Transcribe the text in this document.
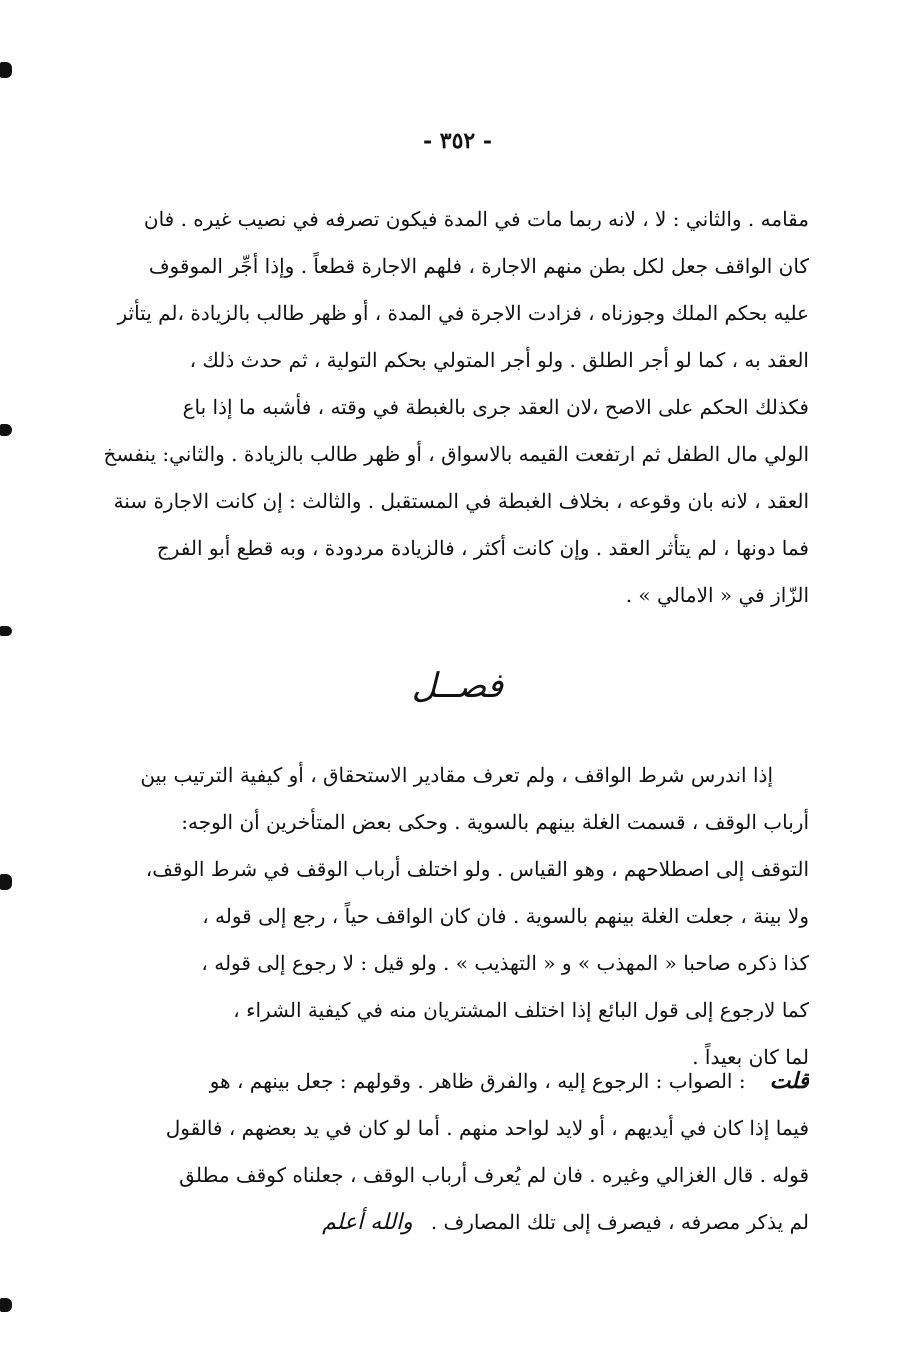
- ٣٥٢ -
مقامه . والثاني : لا ، لانه ربما مات في المدة فيكون تصرفه في نصيب غيره . فان
كان الواقف جعل لكل بطن منهم الاجارة ، فلهم الاجارة قطعاً . وإذا أجِّر الموقوف
عليه بحكم الملك وجوزناه ، فزادت الاجرة في المدة ، أو ظهر طالب بالزيادة ،لم يتأثر
العقد به ، كما لو أجر الطلق . ولو أجر المتولي بحكم التولية ، ثم حدث ذلك ،
فكذلك الحكم على الاصح ،لان العقد جرى بالغبطة في وقته ، فأشبه ما إذا باع
الولي مال الطفل ثم ارتفعت القيمه بالاسواق ، أو ظهر طالب بالزيادة . والثاني: ينفسخ
العقد ، لانه بان وقوعه ، بخلاف الغبطة في المستقبل . والثالث : إن كانت الاجارة سنة
فما دونها ، لم يتأثر العقد . وإن كانت أكثر ، فالزيادة مردودة ، وبه قطع أبو الفرج
الزّاز في « الامالي » .
فصــل
إذا اندرس شرط الواقف ، ولم تعرف مقادير الاستحقاق ، أو كيفية الترتيب بين
أرباب الوقف ، قسمت الغلة بينهم بالسوية . وحكى بعض المتأخرين أن الوجه:
التوقف إلى اصطلاحهم ، وهو القياس . ولو اختلف أرباب الوقف في شرط الوقف،
ولا بينة ، جعلت الغلة بينهم بالسوية . فان كان الواقف حياً ، رجع إلى قوله ،
كذا ذكره صاحبا « المهذب » و « التهذيب » . ولو قيل : لا رجوع إلى قوله ،
كما لارجوع إلى قول البائع إذا اختلف المشتريان منه في كيفية الشراء ،
لما كان بعيداً .
قلت: الصواب : الرجوع إليه ، والفرق ظاهر . وقولهم : جعل بينهم ، هو
فيما إذا كان في أيديهم ، أو لايد لواحد منهم . أما لو كان في يد بعضهم ، فالقول
قوله . قال الغزالي وغيره . فان لم يُعرف أرباب الوقف ، جعلناه كوقف مطلق
لم يذكر مصرفه ، فيصرف إلى تلك المصارف .والله أعلم
